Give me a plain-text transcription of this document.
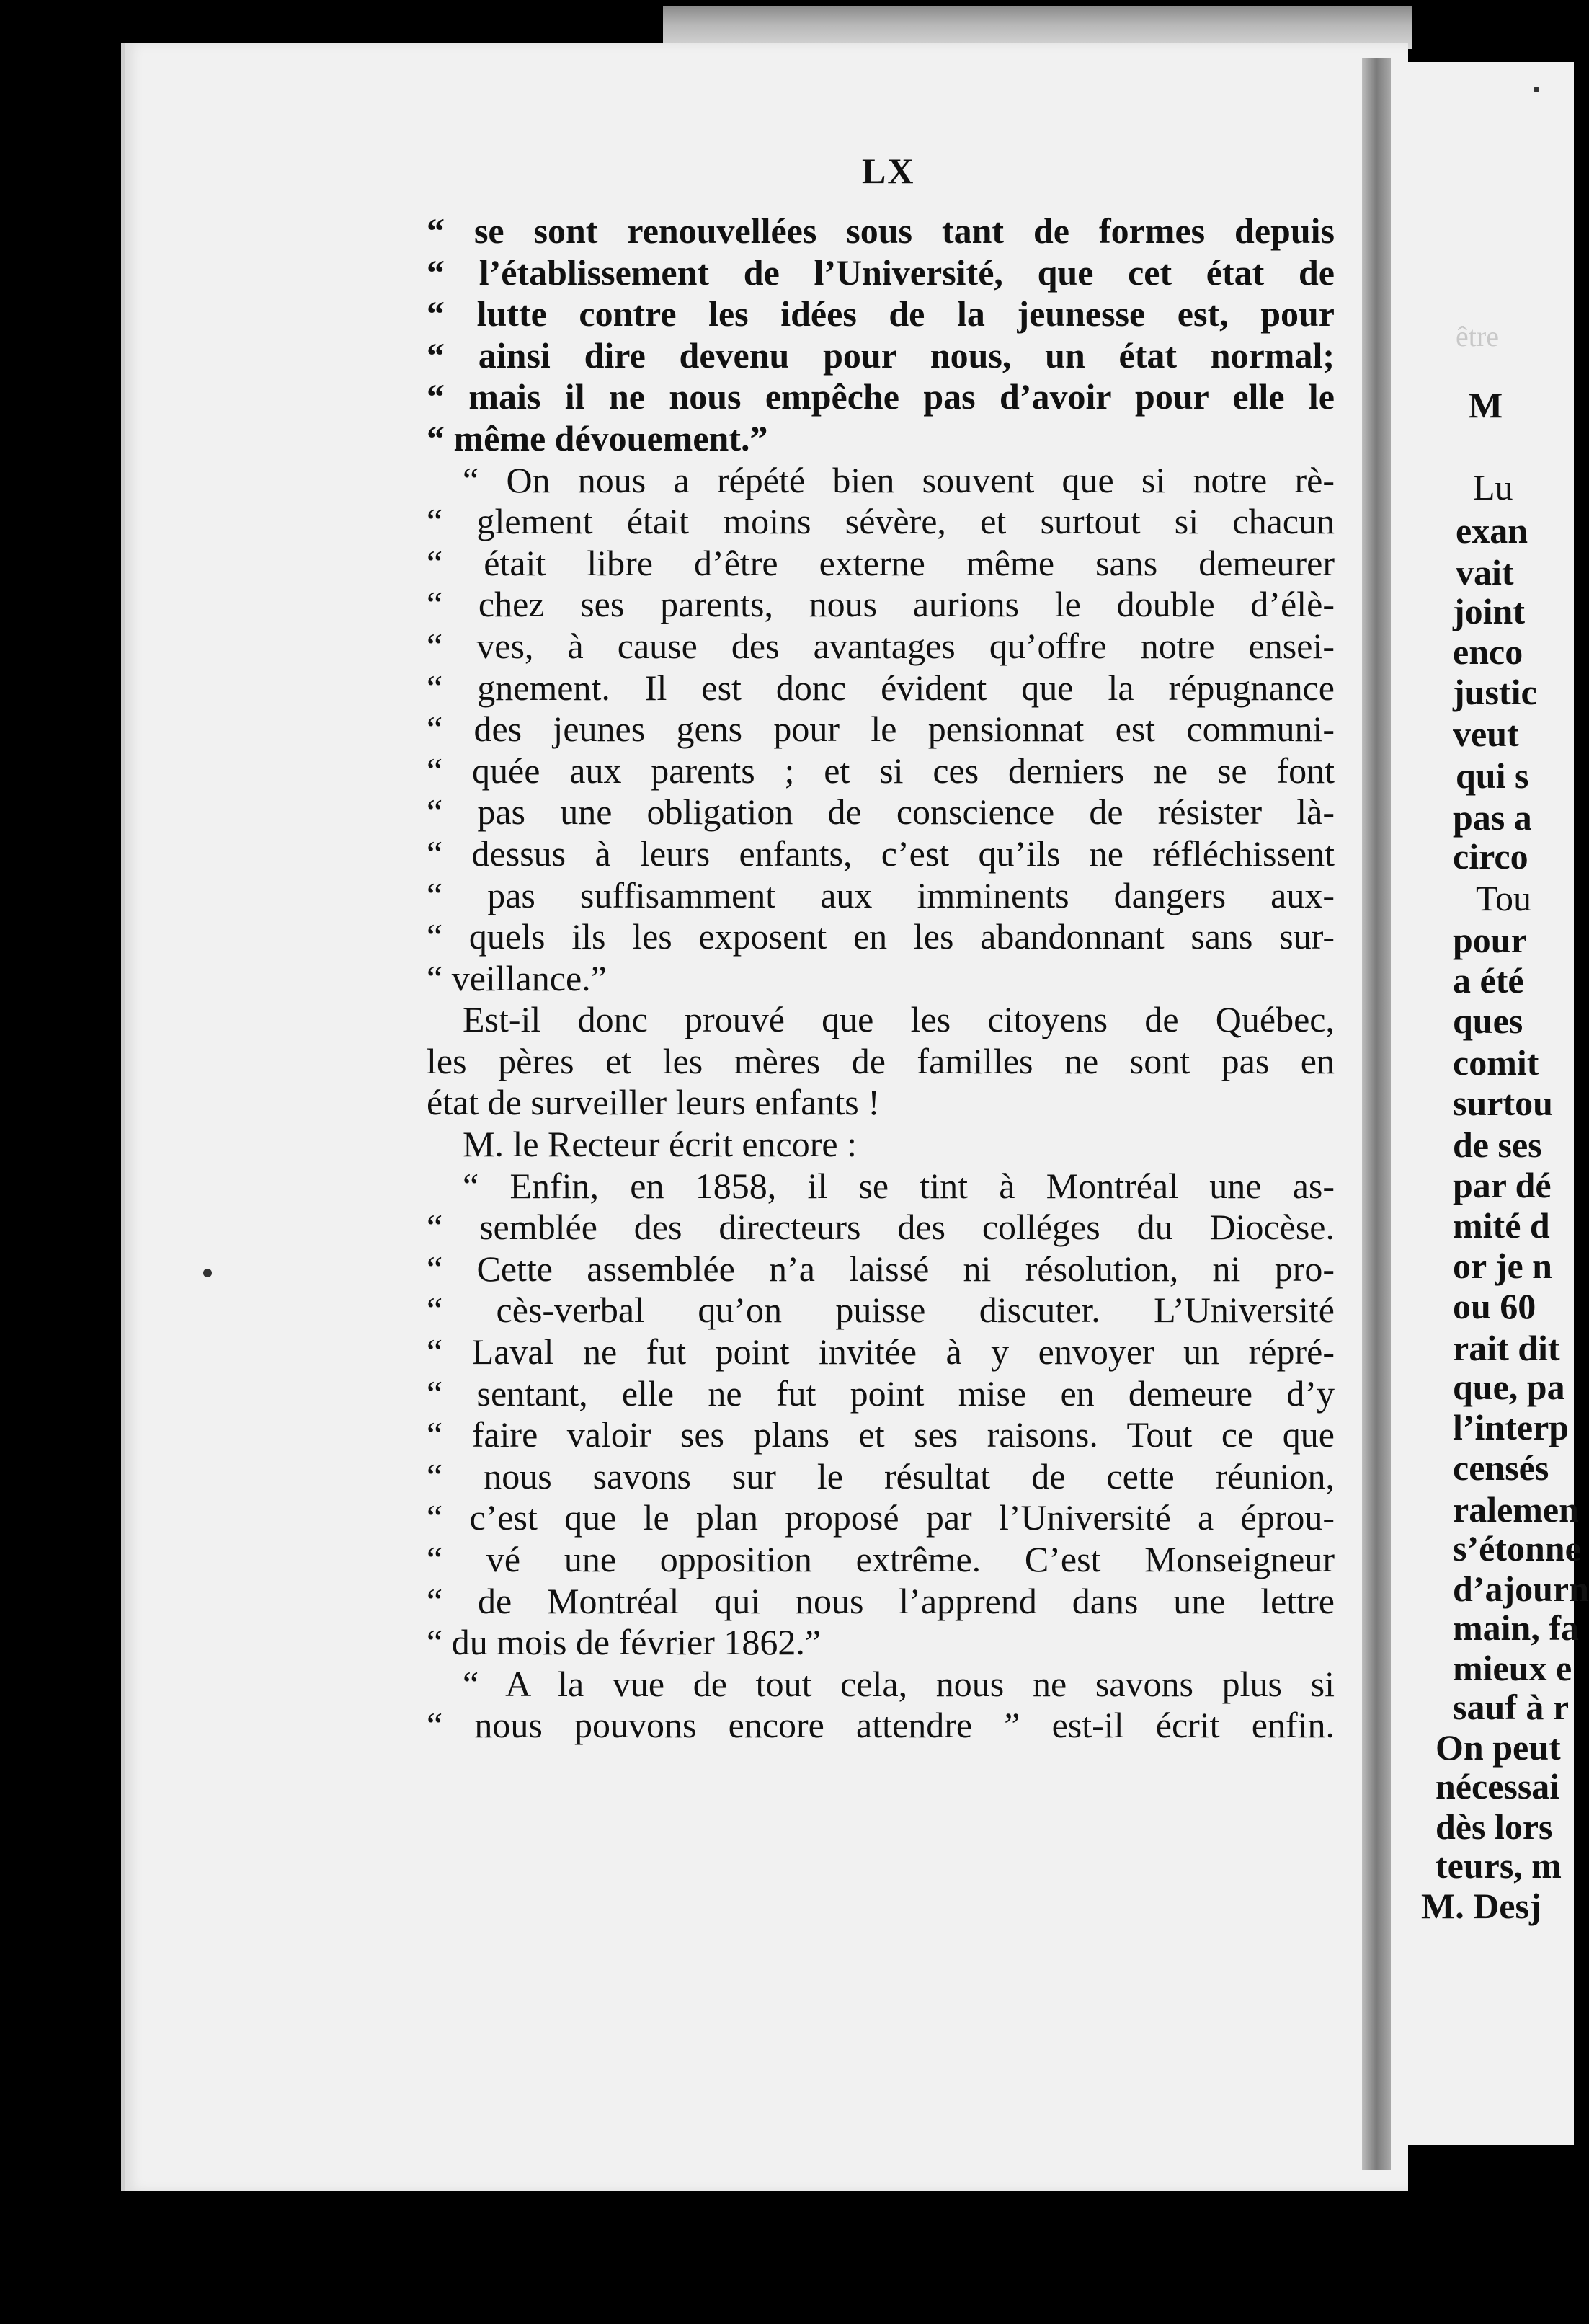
être
M
Lu
exan
vait
joint
enco
justic
veut
qui s
pas a
circo
Tou
pour
a été
ques
comit
surtou
de ses
par dé
mité d
or je n
ou 60
rait dit
que, pa
l’interp
censés
ralemen
s’étonne
d’ajourn
main, fa
mieux e
sauf à r
On peut
nécessai
dès lors
teurs, m
M. Desj
LX
“ se sont renouvellées sous tant de formes depuis
“ l’établissement de l’Université, que cet état de
“ lutte contre les idées de la jeunesse est, pour
“ ainsi dire devenu pour nous, un état normal;
“ mais il ne nous empêche pas d’avoir pour elle le
“ même dévouement.”
“ On nous a répété bien souvent que si notre rè-
“ glement était moins sévère, et surtout si chacun
“ était libre d’être externe même sans demeurer
“ chez ses parents, nous aurions le double d’élè-
“ ves, à cause des avantages qu’offre notre ensei-
“ gnement. Il est donc évident que la répugnance
“ des jeunes gens pour le pensionnat est communi-
“ quée aux parents ; et si ces derniers ne se font
“ pas une obligation de conscience de résister là-
“ dessus à leurs enfants, c’est qu’ils ne réfléchissent
“ pas suffisamment aux imminents dangers aux-
“ quels ils les exposent en les abandonnant sans sur-
“ veillance.”
Est-il donc prouvé que les citoyens de Québec,
les pères et les mères de familles ne sont pas en
état de surveiller leurs enfants !
M. le Recteur écrit encore :
“ Enfin, en 1858, il se tint à Montréal une as-
“ semblée des directeurs des colléges du Diocèse.
“ Cette assemblée n’a laissé ni résolution, ni pro-
“ cès-verbal qu’on puisse discuter. L’Université
“ Laval ne fut point invitée à y envoyer un répré-
“ sentant, elle ne fut point mise en demeure d’y
“ faire valoir ses plans et ses raisons. Tout ce que
“ nous savons sur le résultat de cette réunion,
“ c’est que le plan proposé par l’Université a éprou-
“ vé une opposition extrême. C’est Monseigneur
“ de Montréal qui nous l’apprend dans une lettre
“ du mois de février 1862.”
“ A la vue de tout cela, nous ne savons plus si
“ nous pouvons encore attendre ” est-il écrit enfin.
